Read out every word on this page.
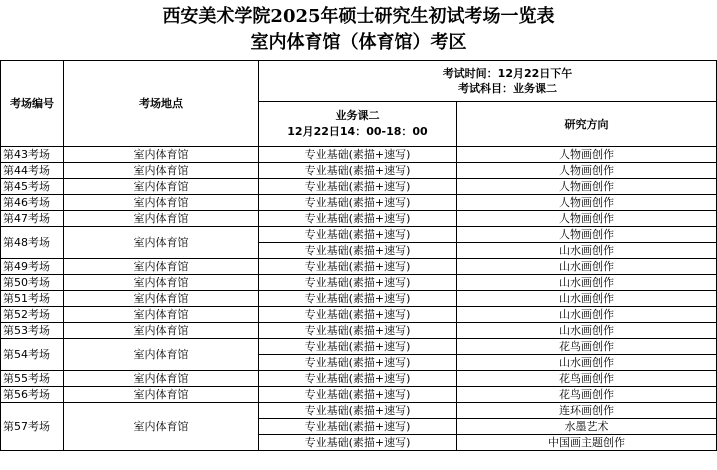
西安美术学院2025年硕士研究生初试考场一览表
室内体育馆（体育馆）考区
考场编号	考场地点	考试时间：12月22日下午
考试科目：业务课二	

		业务课二
12月22日14：00-18：00	研究方向
第43考场	室内体育馆	专业基础(素描+速写)	人物画创作
第44考场	室内体育馆	专业基础(素描+速写)	人物画创作
第45考场	室内体育馆	专业基础(素描+速写)	人物画创作
第46考场	室内体育馆	专业基础(素描+速写)	人物画创作
第47考场	室内体育馆	专业基础(素描+速写)	人物画创作
第48考场	室内体育馆	专业基础(素描+速写)	人物画创作
		专业基础(素描+速写)	山水画创作
第49考场	室内体育馆	专业基础(素描+速写)	山水画创作
第50考场	室内体育馆	专业基础(素描+速写)	山水画创作
第51考场	室内体育馆	专业基础(素描+速写)	山水画创作
第52考场	室内体育馆	专业基础(素描+速写)	山水画创作
第53考场	室内体育馆	专业基础(素描+速写)	山水画创作
第54考场	室内体育馆	专业基础(素描+速写)	花鸟画创作
		专业基础(素描+速写)	山水画创作
第55考场	室内体育馆	专业基础(素描+速写)	花鸟画创作
第56考场	室内体育馆	专业基础(素描+速写)	花鸟画创作
第57考场	室内体育馆	专业基础(素描+速写)	连环画创作
		专业基础(素描+速写)	水墨艺术
		专业基础(素描+速写)	中国画主题创作
